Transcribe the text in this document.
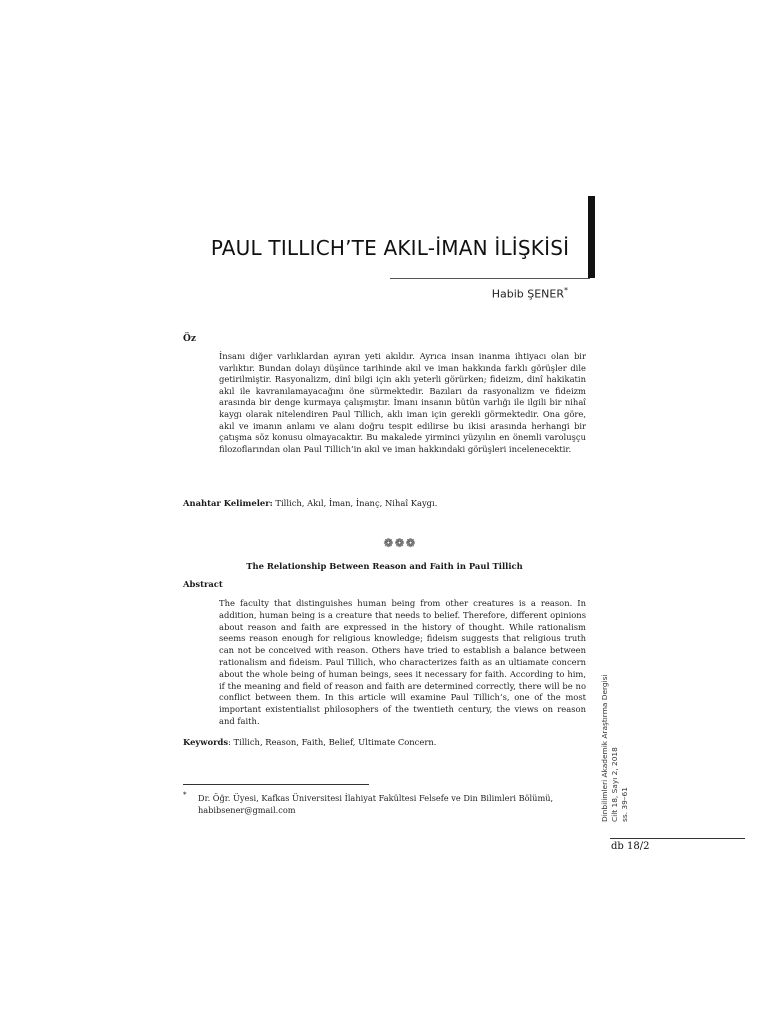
PAUL TILLICH’TE AKIL-İMAN İLİŞKİSİ
Habib ŞENER*
Öz
İnsanı diğer varlıklardan ayıran yeti akıldır. Ayrıca insan inanma ihtiyacı olan bir varlıktır. Bundan dolayı düşünce tarihinde akıl ve iman hakkında farklı görüşler dile getirilmiştir. Rasyonalizm, dinî bilgi için aklı yeterli görürken; fideizm, dinî hakikatin akıl ile kavranılamayacağını öne sürmektedir. Bazıları da rasyonalizm ve fideizm arasında bir denge kurmaya çalışmıştır. İmanı insanın bütün varlığı ile ilgili bir nihaî kaygı olarak nitelendiren Paul Tillich, aklı iman için gerekli görmektedir. Ona göre, akıl ve imanın anlamı ve alanı doğru tespit edilirse bu ikisi arasında herhangi bir çatışma söz konusu olmayacaktır. Bu makalede yirminci yüzyılın en önemli varoluşçu filozoflarından olan Paul Tillich’in akıl ve iman hakkındaki görüşleri incelenecektir.
Anahtar Kelimeler: Tillich, Akıl, İman, İnanç, Nihaî Kaygı.
❁❁❁
The Relationship Between Reason and Faith in Paul Tillich
Abstract
The faculty that distinguishes human being from other creatures is a reason. In addition, human being is a creature that needs to belief. Therefore, different opinions about reason and faith are expressed in the history of thought. While rationalism seems reason enough for religious knowledge; fideism suggests that religious truth can not be conceived with reason. Others have tried to establish a balance between rationalism and fideism. Paul Tillich, who characterizes faith as an ultiamate concern about the whole being of human beings, sees it necessary for faith. According to him, if the meaning and field of reason and faith are determined correctly, there will be no conflict between them. In this article will examine Paul Tillich’s, one of the most important existentialist philosophers of the twentieth century, the views on reason and faith.
Keywords: Tillich, Reason, Faith, Belief, Ultimate Concern.
* Dr. Öğr. Üyesi, Kafkas Üniversitesi İlahiyat Fakültesi Felsefe ve Din Bilimleri Bölümü,
habibsener@gmail.com	Dinbilimleri Akademik Araştırma Dergisi Cilt 18, Sayı 2, 2018 ss. 39–61
db 18/2
